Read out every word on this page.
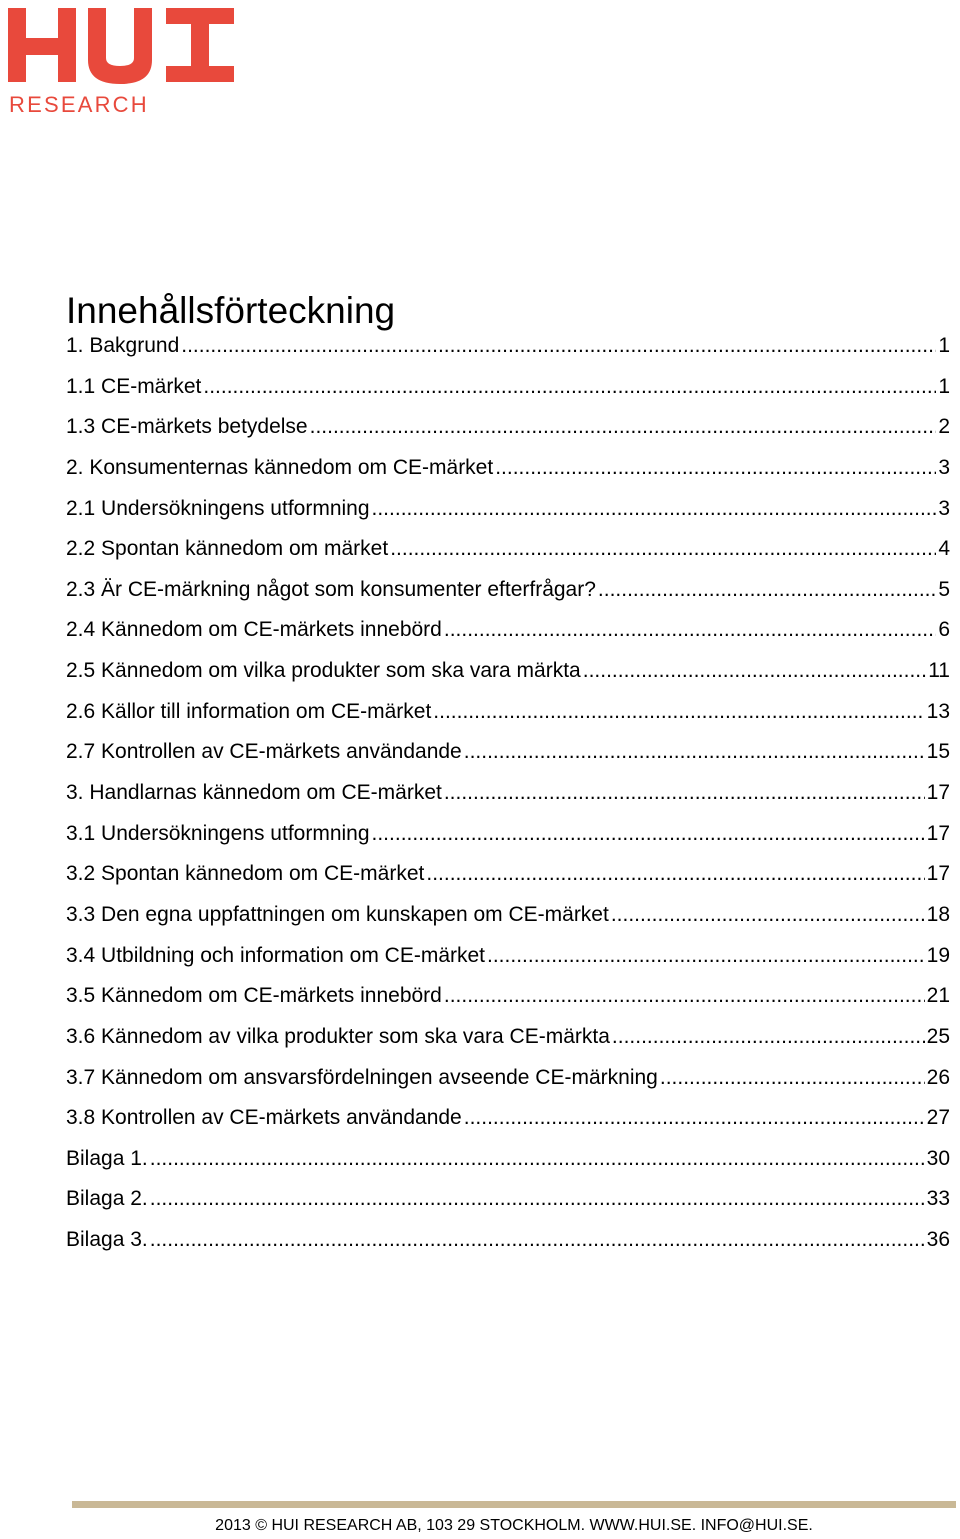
RESEARCH
Innehållsförteckning
1. Bakgrund .....	1
1.1 CE-märket .....	1
1.3 CE-märkets betydelse .....	2
2. Konsumenternas kännedom om CE-märket .....	3
2.1 Undersökningens utformning .....	3
2.2 Spontan kännedom om märket .....	4
2.3 Är CE-märkning något som konsumenter efterfrågar? .....	5
2.4 Kännedom om CE-märkets innebörd .....	6
2.5 Kännedom om vilka produkter som ska vara märkta .....	11
2.6 Källor till information om CE-märket .....	13
2.7 Kontrollen av CE-märkets användande .....	15
3. Handlarnas kännedom om CE-märket .....	17
3.1 Undersökningens utformning .....	17
3.2 Spontan kännedom om CE-märket .....	17
3.3 Den egna uppfattningen om kunskapen om CE-märket .....	18
3.4 Utbildning och information om CE-märket .....	19
3.5 Kännedom om CE-märkets innebörd .....	21
3.6 Kännedom av vilka produkter som ska vara CE-märkta .....	25
3.7 Kännedom om ansvarsfördelningen avseende CE-märkning .....	26
3.8 Kontrollen av CE-märkets användande .....	27
Bilaga 1. .....	30
Bilaga 2. .....	33
Bilaga 3. .....	36
2013 © HUI RESEARCH AB, 103 29 STOCKHOLM. WWW.HUI.SE. INFO@HUI.SE.
